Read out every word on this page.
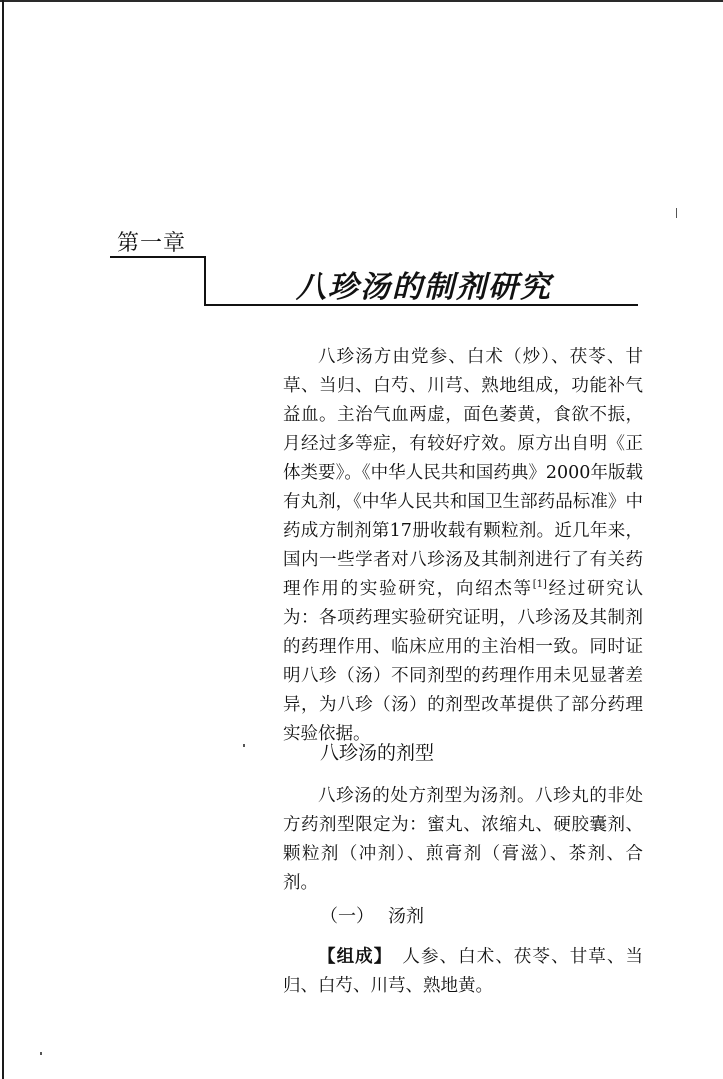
第一章
八珍汤的制剂研究

八珍汤方由党参、白术（炒）、茯苓、甘草、当归、白芍、川芎、熟地组成，功能补气益血。主治气血两虚，面色萎黄，食欲不振，月经过多等症，有较好疗效。原方出自明《正体类要》。《中华人民共和国药典》2000年版载有丸剂，《中华人民共和国卫生部药品标准》中药成方制剂第17册收载有颗粒剂。近几年来，国内一些学者对八珍汤及其制剂进行了有关药理作用的实验研究，向绍杰等[1]经过研究认为：各项药理实验研究证明，八珍汤及其制剂的药理作用、临床应用的主治相一致。同时证明八珍（汤）不同剂型的药理作用未见显著差异，为八珍（汤）的剂型改革提供了部分药理实验依据。

八珍汤的剂型

八珍汤的处方剂型为汤剂。八珍丸的非处方药剂型限定为：蜜丸、浓缩丸、硬胶囊剂、颗粒剂（冲剂）、煎膏剂（膏滋）、茶剂、合剂。

（一） 汤剂

【组成】 人参、白术、茯苓、甘草、当归、白芍、川芎、熟地黄。
